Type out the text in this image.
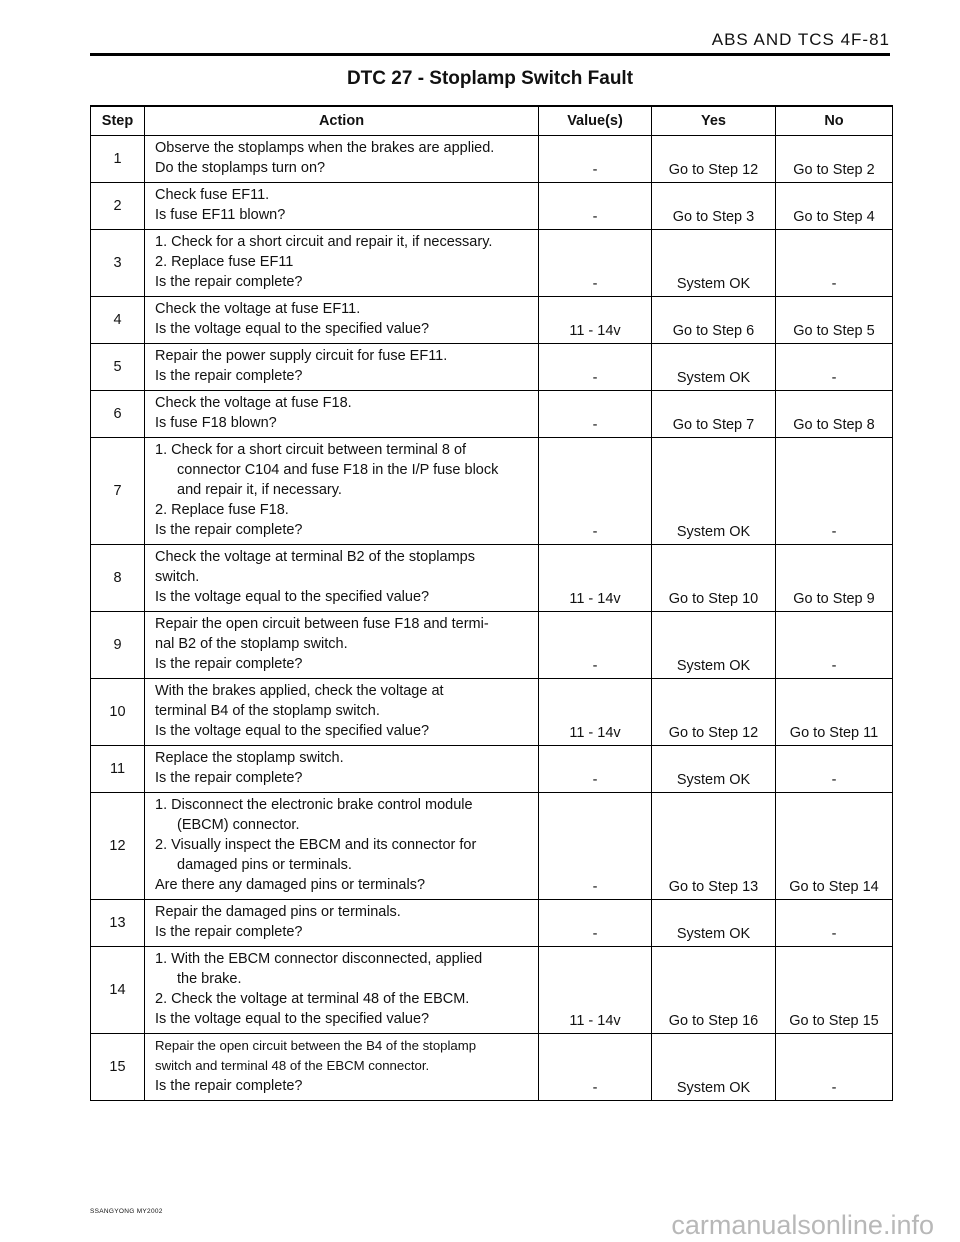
ABS AND TCS 4F-81
DTC 27 - Stoplamp Switch Fault
Step	Action	Value(s)	Yes	No
1	Observe the stoplamps when the brakes are applied.
Do the stoplamps turn on?	-	Go to Step 12	Go to Step 2
2	Check fuse EF11.
Is fuse EF11 blown?	-	Go to Step 3	Go to Step 4
3	1. Check for a short circuit and repair it, if necessary.
2. Replace fuse EF11
Is the repair complete?	-	System OK	-
4	Check the voltage at fuse EF11.
Is the voltage equal to the specified value?	11 - 14v	Go to Step 6	Go to Step 5
5	Repair the power supply circuit for fuse EF11.
Is the repair complete?	-	System OK	-
6	Check the voltage at fuse F18.
Is fuse F18 blown?	-	Go to Step 7	Go to Step 8
7	1. Check for a short circuit between terminal 8 of
connector C104 and fuse F18 in the I/P fuse block
and repair it, if necessary.
2. Replace fuse F18.
Is the repair complete?	-	System OK	-
8	Check the voltage at terminal B2 of the stoplamps
switch.
Is the voltage equal to the specified value?	11 - 14v	Go to Step 10	Go to Step 9
9	Repair the open circuit between fuse F18 and termi-
nal B2 of the stoplamp switch.
Is the repair complete?	-	System OK	-
10	With the brakes applied, check the voltage at
terminal B4 of the stoplamp switch.
Is the voltage equal to the specified value?	11 - 14v	Go to Step 12	Go to Step 11
11	Replace the stoplamp switch.
Is the repair complete?	-	System OK	-
12	1. Disconnect the electronic brake control module
(EBCM) connector.
2. Visually inspect the EBCM and its connector for
damaged pins or terminals.
Are there any damaged pins or terminals?	-	Go to Step 13	Go to Step 14
13	Repair the damaged pins or terminals.
Is the repair complete?	-	System OK	-
14	1. With the EBCM connector disconnected, applied
the brake.
2. Check the voltage at terminal 48 of the EBCM.
Is the voltage equal to the specified value?	11 - 14v	Go to Step 16	Go to Step 15
15	Repair the open circuit between the B4 of the stoplamp
switch and terminal 48 of the EBCM connector.
Is the repair complete?	-	System OK	-
SSANGYONG MY2002	carmanualsonline.info
